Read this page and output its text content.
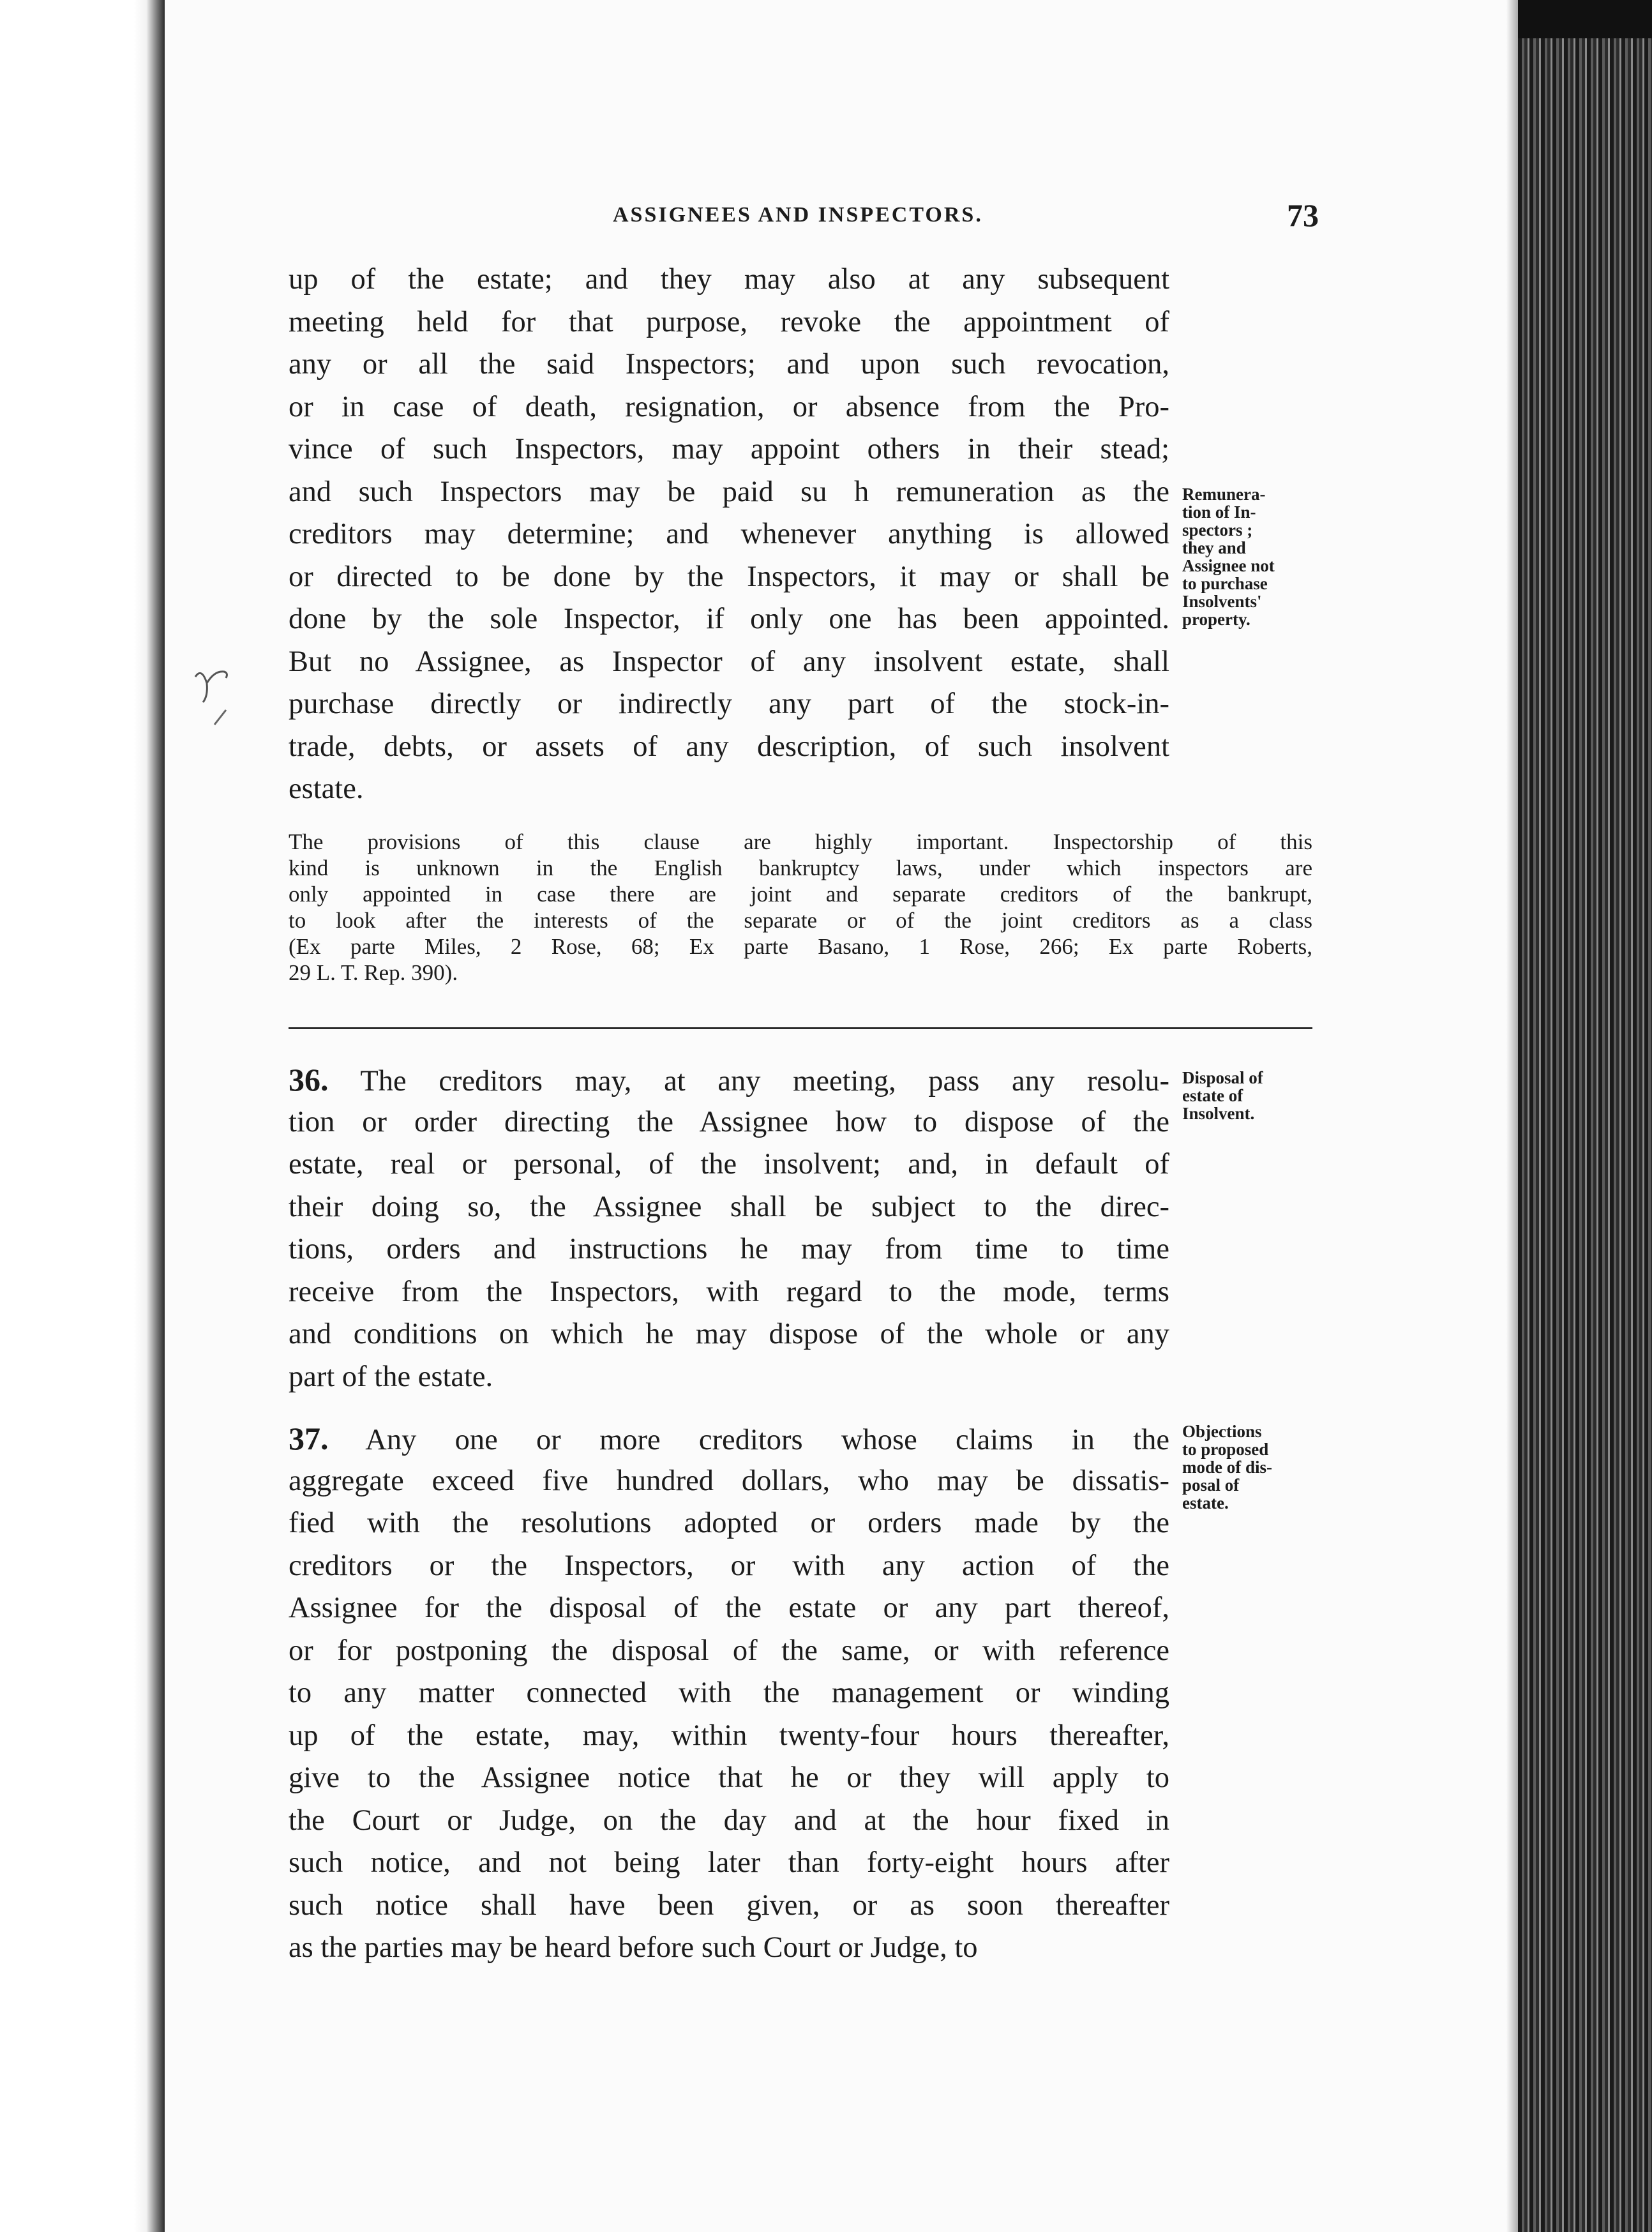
ASSIGNEES AND INSPECTORS.	73
up of the estate; and they may also at any subsequent
meeting held for that purpose, revoke the appointment of
any or all the said Inspectors; and upon such revocation,
or in case of death, resignation, or absence from the Pro-
vince of such Inspectors, may appoint others in their stead;
and such Inspectors may be paid su h remuneration as the
creditors may determine; and whenever anything is allowed
or directed to be done by the Inspectors, it may or shall be
done by the sole Inspector, if only one has been appointed.
But no Assignee, as Inspector of any insolvent estate, shall
purchase directly or indirectly any part of the stock-in-
trade, debts, or assets of any description, of such insolvent
estate.
Remunera-
tion of In-
spectors ;
they and
Assignee not
to purchase
Insolvents'
property.
The provisions of this clause are highly important. Inspectorship of this
kind is unknown in the English bankruptcy laws, under which inspectors are
only appointed in case there are joint and separate creditors of the bankrupt,
to look after the interests of the separate or of the joint creditors as a class
(Ex parte Miles, 2 Rose, 68; Ex parte Basano, 1 Rose, 266; Ex parte Roberts,
29 L. T. Rep. 390).
36. The creditors may, at any meeting, pass any resolu-
tion or order directing the Assignee how to dispose of the
estate, real or personal, of the insolvent; and, in default of
their doing so, the Assignee shall be subject to the direc-
tions, orders and instructions he may from time to time
receive from the Inspectors, with regard to the mode, terms
and conditions on which he may dispose of the whole or any
part of the estate.
Disposal of
estate of
Insolvent.
37. Any one or more creditors whose claims in the
aggregate exceed five hundred dollars, who may be dissatis-
fied with the resolutions adopted or orders made by the
creditors or the Inspectors, or with any action of the
Assignee for the disposal of the estate or any part thereof,
or for postponing the disposal of the same, or with reference
to any matter connected with the management or winding
up of the estate, may, within twenty-four hours thereafter,
give to the Assignee notice that he or they will apply to
the Court or Judge, on the day and at the hour fixed in
such notice, and not being later than forty-eight hours after
such notice shall have been given, or as soon thereafter
as the parties may be heard before such Court or Judge, to
Objections
to proposed
mode of dis-
posal of
estate.
